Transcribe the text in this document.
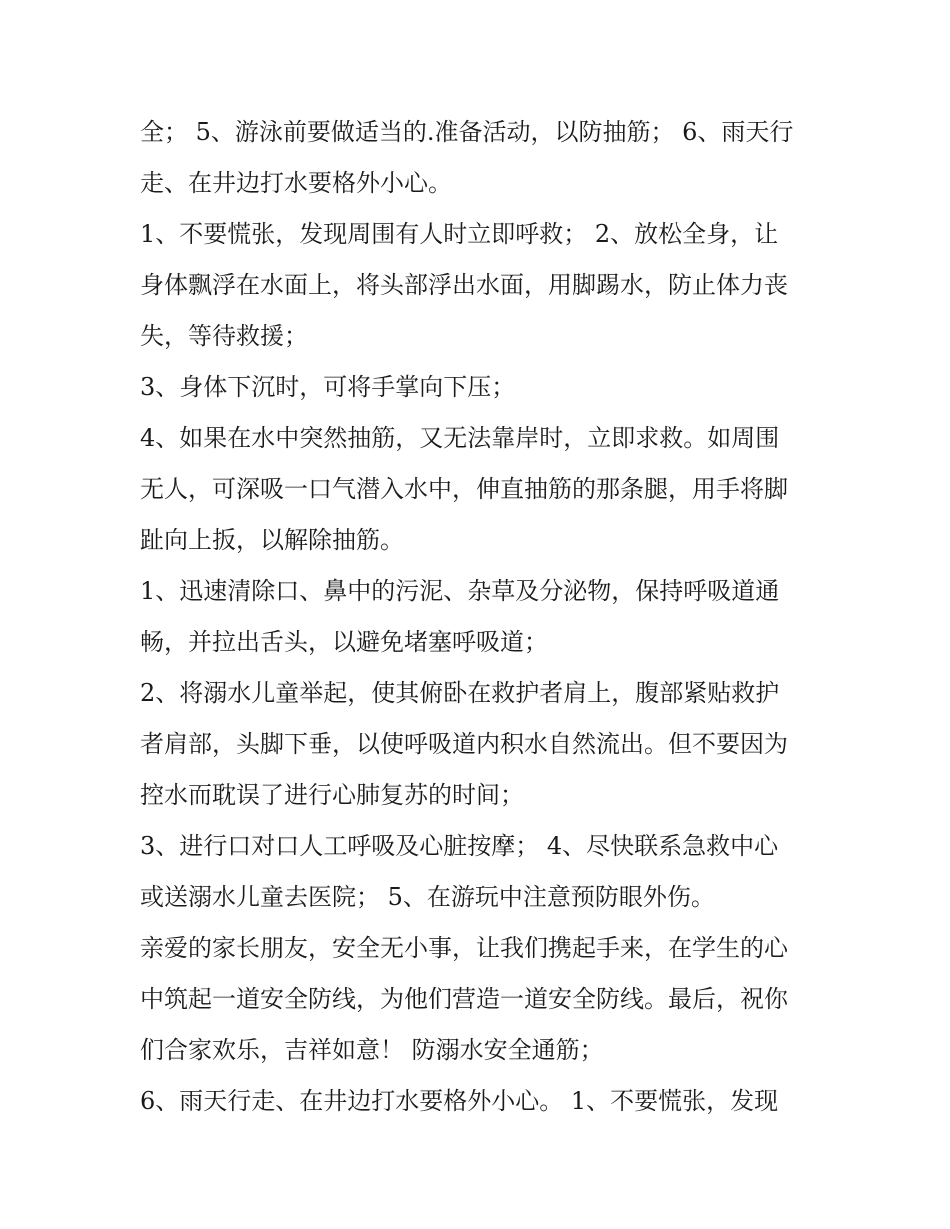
全； 5、游泳前要做适当的.准备活动，以防抽筋； 6、雨天行
走、在井边打水要格外小心。
1、不要慌张，发现周围有人时立即呼救； 2、放松全身，让
身体飘浮在水面上，将头部浮出水面，用脚踢水，防止体力丧
失，等待救援；
3、身体下沉时，可将手掌向下压；
4、如果在水中突然抽筋，又无法靠岸时，立即求救。如周围
无人，可深吸一口气潜入水中，伸直抽筋的那条腿，用手将脚
趾向上扳，以解除抽筋。
1、迅速清除口、鼻中的污泥、杂草及分泌物，保持呼吸道通
畅，并拉出舌头，以避免堵塞呼吸道；
2、将溺水儿童举起，使其俯卧在救护者肩上，腹部紧贴救护
者肩部，头脚下垂，以使呼吸道内积水自然流出。但不要因为
控水而耽误了进行心肺复苏的时间；
3、进行口对口人工呼吸及心脏按摩； 4、尽快联系急救中心
或送溺水儿童去医院； 5、在游玩中注意预防眼外伤。
亲爱的家长朋友，安全无小事，让我们携起手来，在学生的心
中筑起一道安全防线，为他们营造一道安全防线。最后，祝你
们合家欢乐，吉祥如意！ 防溺水安全通筋；
6、雨天行走、在井边打水要格外小心。 1、不要慌张，发现
